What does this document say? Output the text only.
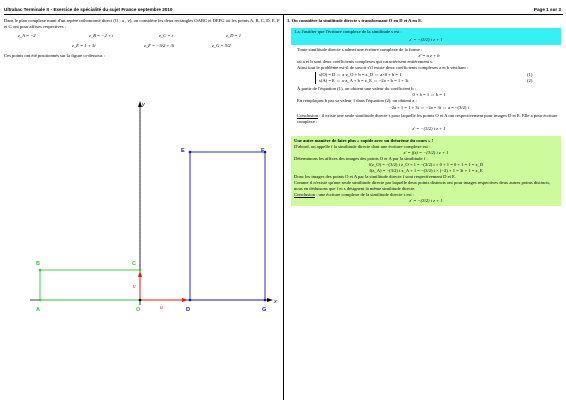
Ultrabac Terminale S - Exercice de spécialité du sujet France septembre 2010	Page 1 sur 3
Dans le plan complexe muni d'un repère orthonormé direct (O ; u , v), on considère les deux rectangles OABC et DEFG où les points A, B, C, D, E, F et G ont pour affixes respectives :
z_A = −2	z_B = −2 + i	z_C = i	z_D = 1
z_E = 1 + 3i	z_F = −5/2 + 3i	z_G = 5/2
Ces points ont été positionnés sur la figure ci-dessous :
A	O	D	G
B	C
E	F
u
v
x
y
1. On considère la similitude directe s transformant O en D et A en E.
1.a. Justifier que l'écriture complexe de la similitude s est :
z' = −(3/2) i z + 1
Toute similitude directe s admet une écriture complexe de la forme :
z' = a z + b
où a et b sont deux coefficients complexes qui caractérisent entièrement s.
Ainsi tout le problème est-il de savoir s'il existe deux coefficients complexes a et b vérifiant :
s(O) = D ⇔ a·z_O + b = z_D ⇔ a×0 + b = 1
s(A) = E ⇔ a·z_A + b = z_E ⇔ −2a + b = 1 + 3i
(1)
(2)
À partir de l'équation (1), on obtient une valeur du coefficient b :
0 + b = 1 ⇔ b = 1
En remplaçant b par sa valeur 1 dans l'équation (2), on obtient a :
−2a + 1 = 1 + 3i ⇔ −2a = 3i ⇔ a = −(3/2) i
Conclusion : il existe une seule similitude directe s pour laquelle les points O et A ont respectivement pour images D et E. Elle a pour écriture complexe :
z' = −(3/2) i z + 1
Une autre manière de faire plus « rapide avec un théorème du cours » !
D'abord, on appelle f la similitude directe dont une écriture complexe est :
z' = f(z) = −(3/2) i z + 1
Déterminons les affixes des images des points O et A par la similitude f :
f(z_O) = −(3/2) i z_O + 1 = −(3/2) i × 0 + 1 = 0 + 1 = 1 = z_D
f(z_A) = −(3/2) i z_A + 1 = −(3/2) i × (−2) + 1 = 3i + 1 = z_E
Donc les images des points O et A par la similitude directe f sont respectivement D et E.
Comme il n'existe qu'une seule similitude directe par laquelle deux points distincts ont pour images respectives deux autres points distincts, nous en déduisons que f et s désignent la même similitude directe.
Conclusion : une écriture complexe de la similitude directe s est :
z' = −(3/2) i z + 1
